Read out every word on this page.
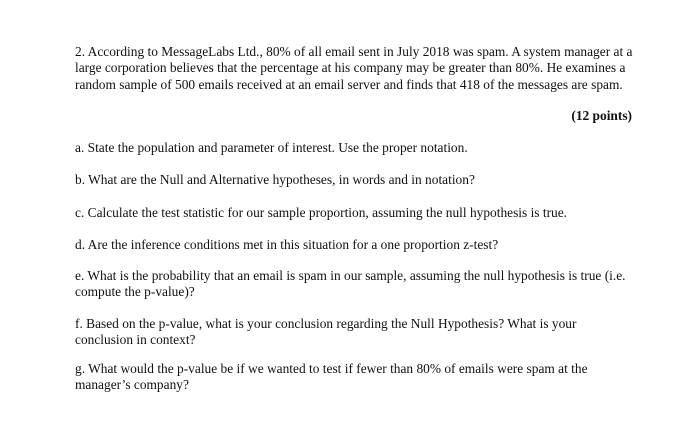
2. According to MessageLabs Ltd., 80% of all email sent in July 2018 was spam. A system manager at a large corporation believes that the percentage at his company may be greater than 80%. He examines a random sample of 500 emails received at an email server and finds that 418 of the messages are spam.

(12 points)

a. State the population and parameter of interest. Use the proper notation.

b. What are the Null and Alternative hypotheses, in words and in notation?

c. Calculate the test statistic for our sample proportion, assuming the null hypothesis is true.

d. Are the inference conditions met in this situation for a one proportion z-test?

e. What is the probability that an email is spam in our sample, assuming the null hypothesis is true (i.e. compute the p-value)?

f. Based on the p-value, what is your conclusion regarding the Null Hypothesis? What is your conclusion in context?

g. What would the p-value be if we wanted to test if fewer than 80% of emails were spam at the manager’s company?
